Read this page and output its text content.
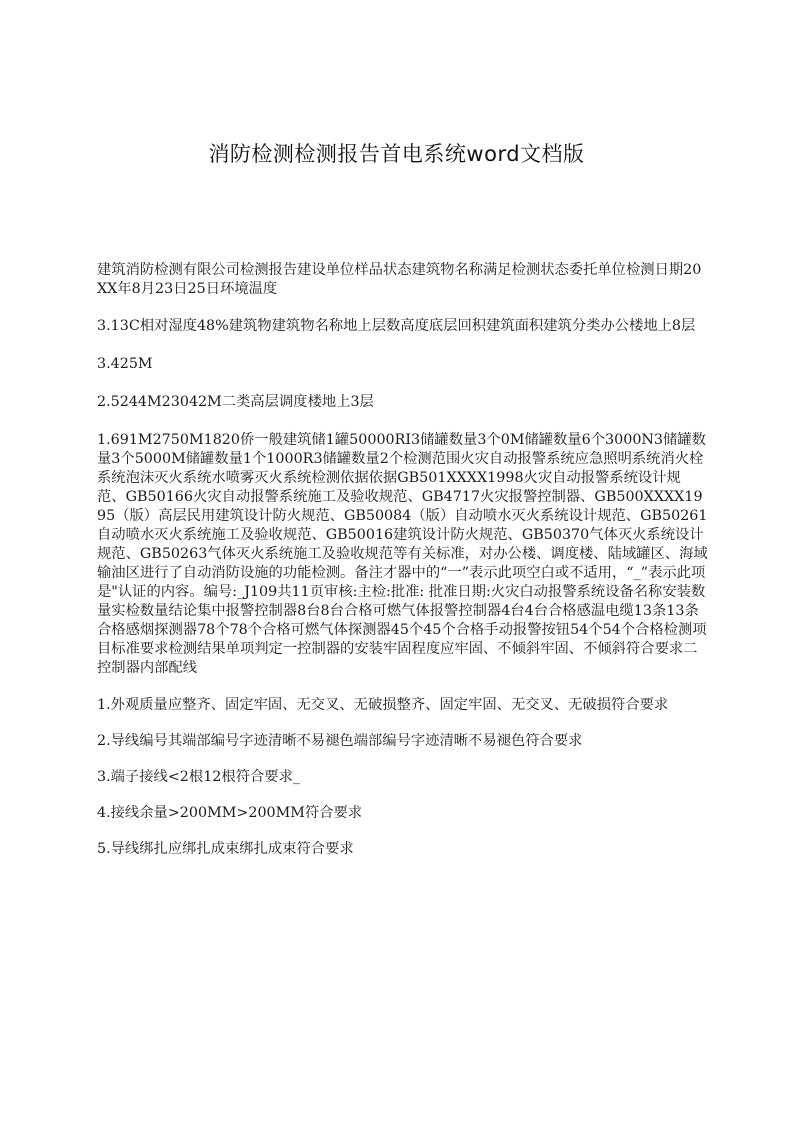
消防检测检测报告首电系统word文档版

建筑消防检测有限公司检测报告建设单位样品状态建筑物名称满足检测状态委托单位检测日期20XX年8月23日25日环境温度

3.13C相对湿度48%建筑物建筑物名称地上层数高度底层回积建筑面积建筑分类办公楼地上8层

3.425M

2.5244M23042M二类高层调度楼地上3层

1.691M2750M1820侨一般建筑储1罐50000RI3储罐数量3个0M储罐数量6个3000N3储罐数量3个5000M储罐数量1个1000R3储罐数量2个检测范围火灾自动报警系统应急照明系统消火栓系统泡沫灭火系统水喷雾灭火系统检测依据依据GB501XXXX1998火灾自动报警系统设计规范、GB50166火灾自动报警系统施工及验收规范、GB4717火灾报警控制器、GB500XXXX1995（版）高层民用建筑设计防火规范、GB50084（版）自动喷水灭火系统设计规范、GB50261自动喷水灭火系统施工及验收规范、GB50016建筑设计防火规范、GB50370气体灭火系统设计规范、GB50263气体灭火系统施工及验收规范等有关标准，对办公楼、调度楼、陆域罐区、海域输油区进行了自动消防设施的功能检测。备注才器中的“一”表示此项空白或不适用，“_”表示此项是"认证的内容。编号:_J109共11页审核:主检:批准: 批准日期:火灾白动报警系统设备名称安装数量实检数量结论集中报警控制器8台8台合格可燃气体报警控制器4台4台合格感温电缆13条13条合格感烟探测器78个78个合格可燃气体探测器45个45个合格手动报警按钮54个54个合格检测项目标准要求检测结果单项判定一控制器的安装牢固程度应牢固、不倾斜牢固、不倾斜符合要求二控制器内部配线

1.外观质量应整齐、固定牢固、无交叉、无破损整齐、固定牢固、无交叉、无破损符合要求

2.导线编号其端部编号字迹清晰不易褪色端部编号字迹清晰不易褪色符合要求

3.端子接线<2根12根符合要求_

4.接线余量>200MM>200MM符合要求

5.导线绑扎应绑扎成束绑扎成束符合要求
